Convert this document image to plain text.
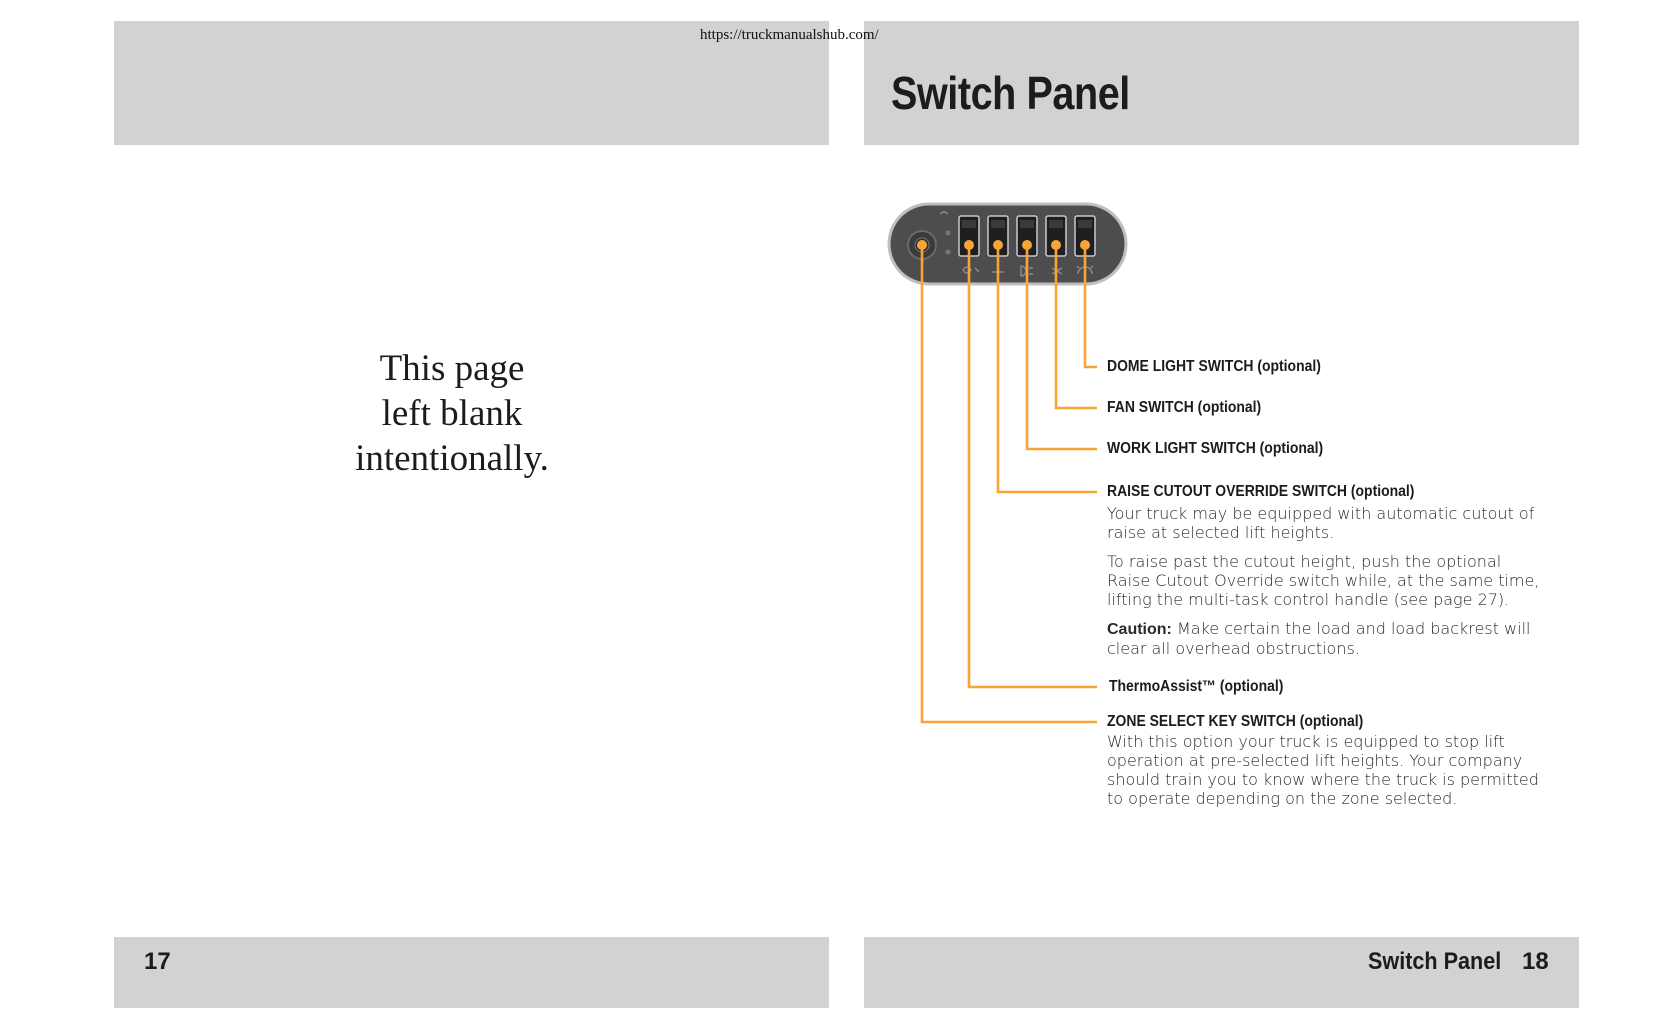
https://truckmanualshub.com/
Switch Panel
This page
left blank
intentionally.
DOME LIGHT SWITCH (optional)
FAN SWITCH (optional)
WORK LIGHT SWITCH (optional)
RAISE CUTOUT OVERRIDE SWITCH (optional)

Your truck may be equipped with automatic cutout of raise at selected lift heights.

To raise past the cutout height, push the optional Raise Cutout Override switch while, at the same time, lifting the multi-task control handle (see page 27).

Caution: Make certain the load and load backrest will clear all overhead obstructions.

ThermoAssist™ (optional)
ZONE SELECT KEY SWITCH (optional)

With this option your truck is equipped to stop lift operation at pre-selected lift heights. Your company should train you to know where the truck is permitted to operate depending on the zone selected.

17	Switch Panel 18
